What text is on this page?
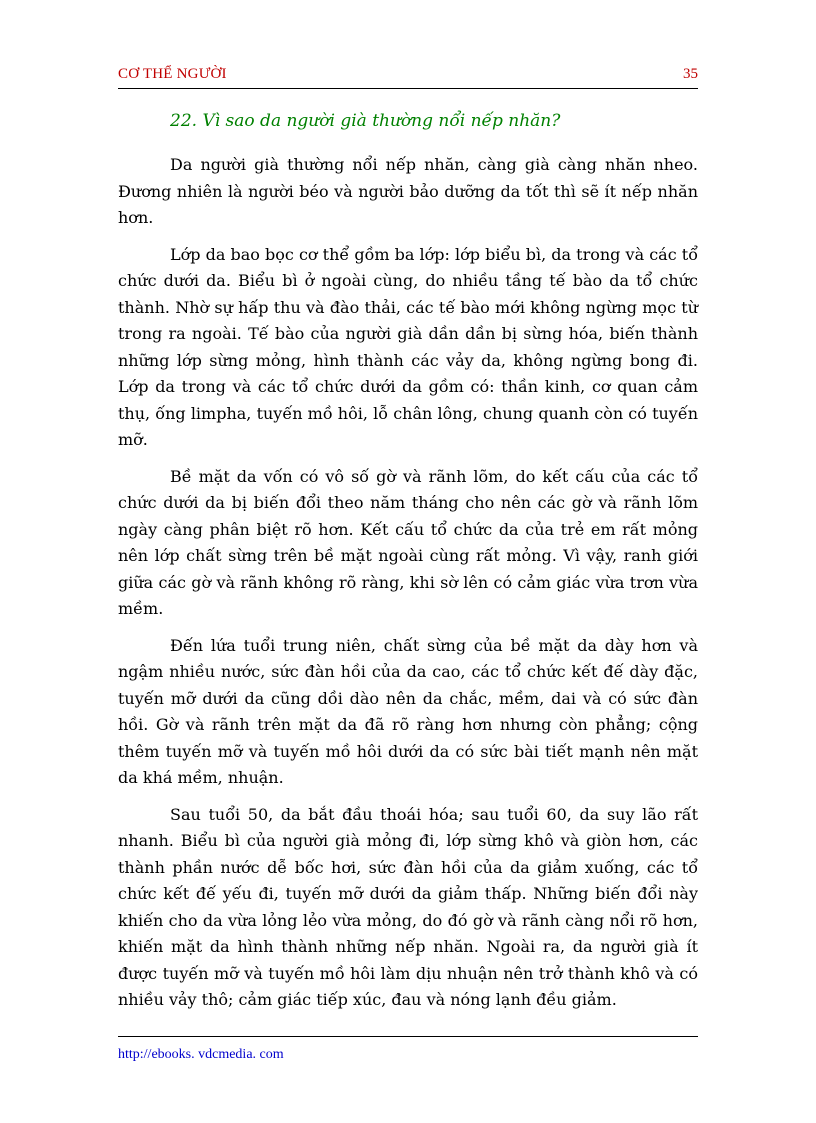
CƠ THỂ NGƯỜI	35

22. Vì sao da người già thường nổi nếp nhăn?

Da người già thường nổi nếp nhăn, càng già càng nhăn nheo. Đương nhiên là người béo và người bảo dưỡng da tốt thì sẽ ít nếp nhăn hơn.

Lớp da bao bọc cơ thể gồm ba lớp: lớp biểu bì, da trong và các tổ chức dưới da. Biểu bì ở ngoài cùng, do nhiều tầng tế bào da tổ chức thành. Nhờ sự hấp thu và đào thải, các tế bào mới không ngừng mọc từ trong ra ngoài. Tế bào của người già dần dần bị sừng hóa, biến thành những lớp sừng mỏng, hình thành các vảy da, không ngừng bong đi. Lớp da trong và các tổ chức dưới da gồm có: thần kinh, cơ quan cảm thụ, ống limpha, tuyến mồ hôi, lỗ chân lông, chung quanh còn có tuyến mỡ.

Bề mặt da vốn có vô số gờ và rãnh lõm, do kết cấu của các tổ chức dưới da bị biến đổi theo năm tháng cho nên các gờ và rãnh lõm ngày càng phân biệt rõ hơn. Kết cấu tổ chức da của trẻ em rất mỏng nên lớp chất sừng trên bề mặt ngoài cùng rất mỏng. Vì vậy, ranh giới giữa các gờ và rãnh không rõ ràng, khi sờ lên có cảm giác vừa trơn vừa mềm.

Đến lứa tuổi trung niên, chất sừng của bề mặt da dày hơn và ngậm nhiều nước, sức đàn hồi của da cao, các tổ chức kết đế dày đặc, tuyến mỡ dưới da cũng dồi dào nên da chắc, mềm, dai và có sức đàn hồi. Gờ và rãnh trên mặt da đã rõ ràng hơn nhưng còn phẳng; cộng thêm tuyến mỡ và tuyến mồ hôi dưới da có sức bài tiết mạnh nên mặt da khá mềm, nhuận.

Sau tuổi 50, da bắt đầu thoái hóa; sau tuổi 60, da suy lão rất nhanh. Biểu bì của người già mỏng đi, lớp sừng khô và giòn hơn, các thành phần nước dễ bốc hơi, sức đàn hồi của da giảm xuống, các tổ chức kết đế yếu đi, tuyến mỡ dưới da giảm thấp. Những biến đổi này khiến cho da vừa lỏng lẻo vừa mỏng, do đó gờ và rãnh càng nổi rõ hơn, khiến mặt da hình thành những nếp nhăn. Ngoài ra, da người già ít được tuyến mỡ và tuyến mồ hôi làm dịu nhuận nên trở thành khô và có nhiều vảy thô; cảm giác tiếp xúc, đau và nóng lạnh đều giảm.

http://ebooks. vdcmedia. com
